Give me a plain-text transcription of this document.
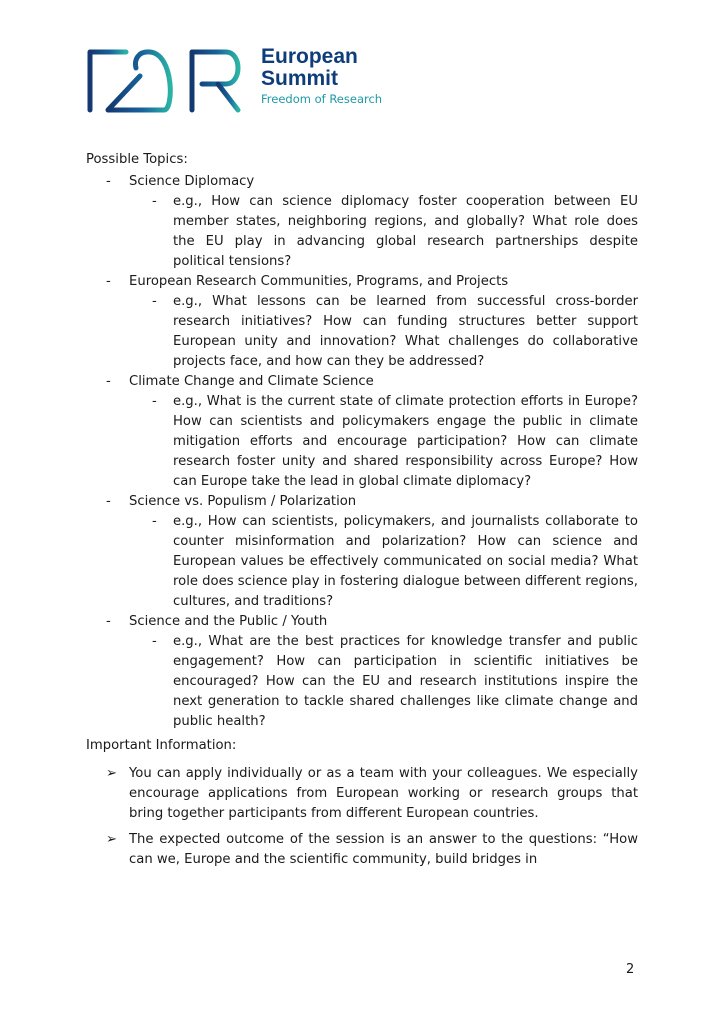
European
Summit
Freedom of Research
Possible Topics:
- Science Diplomacy
- e.g., How can science diplomacy foster cooperation between EU member states, neighboring regions, and globally? What role does the EU play in advancing global research partnerships despite political tensions?
- European Research Communities, Programs, and Projects
- e.g., What lessons can be learned from successful cross-border research initiatives? How can funding structures better support European unity and innovation? What challenges do collaborative projects face, and how can they be addressed?
- Climate Change and Climate Science
- e.g., What is the current state of climate protection efforts in Europe? How can scientists and policymakers engage the public in climate mitigation efforts and encourage participation? How can climate research foster unity and shared responsibility across Europe? How can Europe take the lead in global climate diplomacy?
- Science vs. Populism / Polarization
- e.g., How can scientists, policymakers, and journalists collaborate to counter misinformation and polarization? How can science and European values be effectively communicated on social media? What role does science play in fostering dialogue between different regions, cultures, and traditions?
- Science and the Public / Youth
- e.g., What are the best practices for knowledge transfer and public engagement? How can participation in scientific initiatives be encouraged? How can the EU and research institutions inspire the next generation to tackle shared challenges like climate change and public health?
Important Information:
➢ You can apply individually or as a team with your colleagues. We especially encourage applications from European working or research groups that bring together participants from different European countries.
➢ The expected outcome of the session is an answer to the questions: “How can we, Europe and the scientific community, build bridges in
2
